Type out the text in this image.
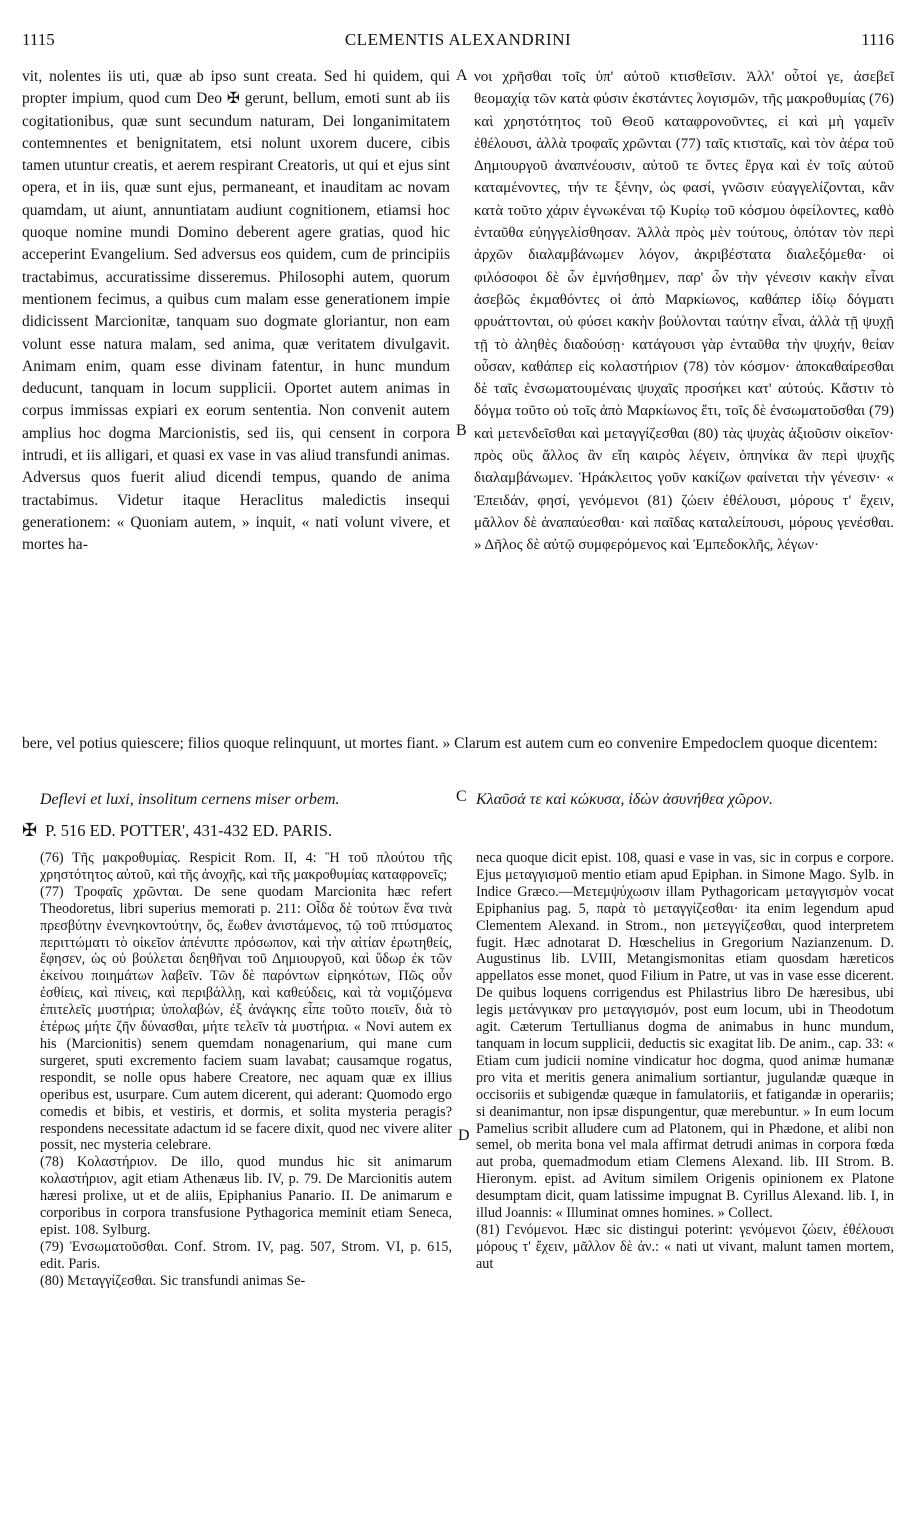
1115	CLEMENTIS ALEXANDRINI	1116

vit, nolentes iis uti, quæ ab ipso sunt creata. Sed hi quidem, qui propter impium, quod cum Deo ✠ gerunt, bellum, emoti sunt ab iis cogitationibus, quæ sunt secundum naturam, Dei longanimitatem contemnentes et benignitatem, etsi nolunt uxorem ducere, cibis tamen utuntur creatis, et aerem respirant Creatoris, ut qui et ejus sint opera, et in iis, quæ sunt ejus, permaneant, et inauditam ac novam quamdam, ut aiunt, annuntiatam audiunt cognitionem, etiamsi hoc quoque nomine mundi Domino deberent agere gratias, quod hic acceperint Evangelium. Sed adversus eos quidem, cum de principiis tractabimus, accuratissime disseremus. Philosophi autem, quorum mentionem fecimus, a quibus cum malam esse generationem impie didicissent Marcionitæ, tanquam suo dogmate gloriantur, non eam volunt esse natura malam, sed anima, quæ veritatem divulgavit. Animam enim, quam esse divinam fatentur, in hunc mundum deducunt, tanquam in locum supplicii. Oportet autem animas in corpus immissas expiari ex eorum sententia. Non convenit autem amplius hoc dogma Marcionistis, sed iis, qui censent in corpora intrudi, et iis alligari, et quasi ex vase in vas aliud transfundi animas. Adversus quos fuerit aliud dicendi tempus, quando de anima tractabimus. Videtur itaque Heraclitus maledictis insequi generationem: « Quoniam autem, » inquit, « nati volunt vivere, et mortes ha-

A
B
C
D

νοι χρῆσθαι τοῖς ὑπ' αὐτοῦ κτισθεῖσιν. Ἀλλ' οὗτοί γε, ἀσεβεῖ θεομαχίᾳ τῶν κατὰ φύσιν ἐκστάντες λογισμῶν, τῆς μακροθυμίας (76) καὶ χρηστότητος τοῦ Θεοῦ καταφρονοῦντες, εἰ καὶ μὴ γαμεῖν ἐθέλουσι, ἀλλὰ τροφαῖς χρῶνται (77) ταῖς κτισταῖς, καὶ τὸν ἀέρα τοῦ Δημιουργοῦ ἀναπνέουσιν, αὐτοῦ τε ὄντες ἔργα καὶ ἐν τοῖς αὐτοῦ καταμένοντες, τήν τε ξένην, ὡς φασί, γνῶσιν εὐαγγελίζονται, κἂν κατὰ τοῦτο χάριν ἐγνωκέναι τῷ Κυρίῳ τοῦ κόσμου ὀφείλοντες, καθὸ ἐνταῦθα εὐηγγελίσθησαν. Ἀλλὰ πρὸς μὲν τούτους, ὁπόταν τὸν περὶ ἀρχῶν διαλαμβάνωμεν λόγον, ἀκριβέστατα διαλεξόμεθα· οἱ φιλόσοφοι δὲ ὧν ἐμνήσθημεν, παρ' ὧν τὴν γένεσιν κακὴν εἶναι ἀσεβῶς ἐκμαθόντες οἱ ἀπὸ Μαρκίωνος, καθάπερ ἰδίῳ δόγματι φρυάττονται, οὐ φύσει κακὴν βούλονται ταύτην εἶναι, ἀλλὰ τῇ ψυχῇ τῇ τὸ ἀληθὲς διαδούσῃ· κατάγουσι γὰρ ἐνταῦθα τὴν ψυχήν, θείαν οὖσαν, καθάπερ εἰς κολαστήριον (78) τὸν κόσμον· ἀποκαθαίρεσθαι δὲ ταῖς ἐνσωματουμέναις ψυχαῖς προσήκει κατ' αὐτούς. Κἄστιν τὸ δόγμα τοῦτο οὐ τοῖς ἀπὸ Μαρκίωνος ἔτι, τοῖς δὲ ἐνσωματοῦσθαι (79) καὶ μετενδεῖσθαι καὶ μεταγγίζεσθαι (80) τὰς ψυχὰς ἀξιοῦσιν οἰκεῖον· πρὸς οὓς ἄλλος ἂν εἴη καιρὸς λέγειν, ὁπηνίκα ἂν περὶ ψυχῆς διαλαμβάνωμεν. Ἡράκλειτος γοῦν κακίζων φαίνεται τὴν γένεσιν· « Ἐπειδάν, φησί, γενόμενοι (81) ζώειν ἐθέλουσι, μόρους τ' ἔχειν, μᾶλλον δὲ ἀναπαύεσθαι· καὶ παῖδας καταλείπουσι, μόρους γενέσθαι. » Δῆλος δὲ αὐτῷ συμφερόμενος καὶ Ἐμπεδοκλῆς, λέγων·

bere, vel potius quiescere; filios quoque relinquunt, ut mortes fiant. » Clarum est autem cum eo convenire Empedoclem quoque dicentem:

Deflevi et luxi, insolitum cernens miser orbem.	Κλαῦσά τε καὶ κώκυσα, ἰδὼν ἀσυνήθεα χῶρον.
✠ P. 516 ED. POTTER', 431-432 ED. PARIS.

(76) Τῆς μακροθυμίας. Respicit Rom. II, 4: Ἢ τοῦ πλούτου τῆς χρηστότητος αὐτοῦ, καὶ τῆς ἀνοχῆς, καὶ τῆς μακροθυμίας καταφρονεῖς;

(77) Τροφαῖς χρῶνται. De sene quodam Marcionita hæc refert Theodoretus, libri superius memorati p. 211: Οἶδα δὲ τούτων ἕνα τινὰ πρεσβύτην ἐνενηκοντούτην, ὅς, ἕωθεν ἀνιστάμενος, τῷ τοῦ πτύσματος περιττώματι τὸ οἰκεῖον ἀπένιπτε πρόσωπον, καὶ τὴν αἰτίαν ἐρωτηθείς, ἔφησεν, ὡς οὐ βούλεται δεηθῆναι τοῦ Δημιουργοῦ, καὶ ὕδωρ ἐκ τῶν ἐκείνου ποιημάτων λαβεῖν. Τῶν δὲ παρόντων εἰρηκότων, Πῶς οὖν ἐσθίεις, καὶ πίνεις, καὶ περιβάλλῃ, καὶ καθεύδεις, καὶ τὰ νομιζόμενα ἐπιτελεῖς μυστήρια; ὑπολαβών, ἐξ ἀνάγκης εἶπε τοῦτο ποιεῖν, διὰ τὸ ἑτέρως μήτε ζῆν δύνασθαι, μήτε τελεῖν τὰ μυστήρια. « Novi autem ex his (Marcionitis) senem quemdam nonagenarium, qui mane cum surgeret, sputi excremento faciem suam lavabat; causamque rogatus, respondit, se nolle opus habere Creatore, nec aquam quæ ex illius operibus est, usurpare. Cum autem dicerent, qui aderant: Quomodo ergo comedis et bibis, et vestiris, et dormis, et solita mysteria peragis? respondens necessitate adactum id se facere dixit, quod nec vivere aliter possit, nec mysteria celebrare.

(78) Κολαστήριον. De illo, quod mundus hic sit animarum κολαστήριον, agit etiam Athenæus lib. IV, p. 79. De Marcionitis autem hæresi prolixe, ut et de aliis, Epiphanius Panario. II. De animarum e corporibus in corpora transfusione Pythagorica meminit etiam Seneca, epist. 108. Sylburg.

(79) Ἐνσωματοῦσθαι. Conf. Strom. IV, pag. 507, Strom. VI, p. 615, edit. Paris.

(80) Μεταγγίζεσθαι. Sic transfundi animas Se-

neca quoque dicit epist. 108, quasi e vase in vas, sic in corpus e corpore. Ejus μεταγγισμοῦ mentio etiam apud Epiphan. in Simone Mago. Sylb. in Indice Græco.—Μετεμψύχωσιν illam Pythagoricam μεταγγισμὸν vocat Epiphanius pag. 5, παρὰ τὸ μεταγγίζεσθαι· ita enim legendum apud Clementem Alexand. in Strom., non μετεγγίζεσθαι, quod interpretem fugit. Hæc adnotarat D. Hœschelius in Gregorium Nazianzenum. D. Augustinus lib. LVIII, Metangismonitas etiam quosdam hæreticos appellatos esse monet, quod Filium in Patre, ut vas in vase esse dicerent. De quibus loquens corrigendus est Philastrius libro De hæresibus, ubi legis μετάνγικαν pro μεταγγισμόν, post eum locum, ubi in Theodotum agit. Cæterum Tertullianus dogma de animabus in hunc mundum, tanquam in locum supplicii, deductis sic exagitat lib. De anim., cap. 33: « Etiam cum judicii nomine vindicatur hoc dogma, quod animæ humanæ pro vita et meritis genera animalium sortiantur, jugulandæ quæque in occisoriis et subigendæ quæque in famulatoriis, et fatigandæ in operariis; si deanimantur, non ipsæ dispungentur, quæ merebuntur. » In eum locum Pamelius scribit alludere cum ad Platonem, qui in Phædone, et alibi non semel, ob merita bona vel mala affirmat detrudi animas in corpora fœda aut proba, quemadmodum etiam Clemens Alexand. lib. III Strom. B. Hieronym. epist. ad Avitum similem Origenis opinionem ex Platone desumptam dicit, quam latissime impugnat B. Cyrillus Alexand. lib. I, in illud Joannis: « Illuminat omnes homines. » Collect.

(81) Γενόμενοι. Hæc sic distingui poterint: γενόμενοι ζώειν, ἐθέλουσι μόρους τ' ἔχειν, μᾶλλον δὲ ἀν.: « nati ut vivant, malunt tamen mortem, aut
